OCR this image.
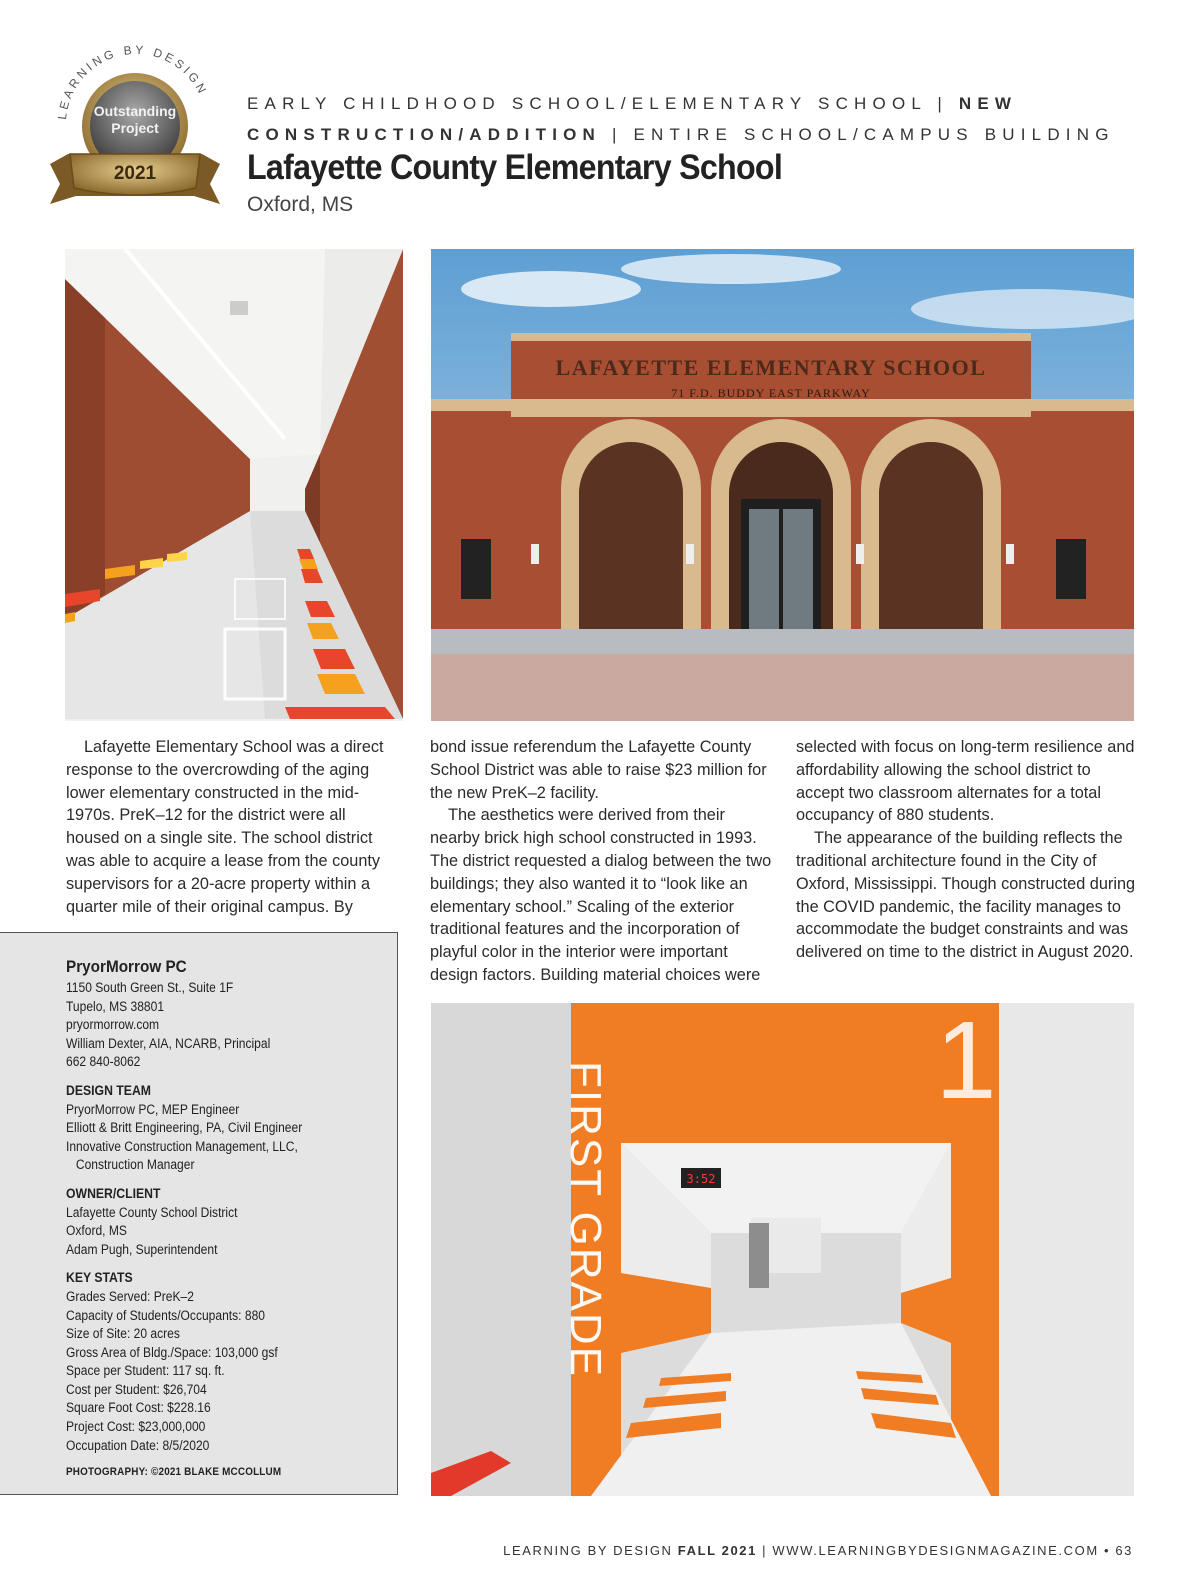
LEARNING BY DESIGN
Outstanding
Project
2021
EARLY CHILDHOOD SCHOOL/ELEMENTARY SCHOOL | NEW CONSTRUCTION/ADDITION | ENTIRE SCHOOL/CAMPUS BUILDING
Lafayette County Elementary School
Oxford, MS
LAFAYETTE ELEMENTARY SCHOOL
71 F.D. BUDDY EAST PARKWAY
3:52
FIRST GRADE
1

Lafayette Elementary School was a direct response to the overcrowding of the aging lower elementary constructed in the mid-1970s. PreK–12 for the district were all housed on a single site. The school district was able to acquire a lease from the county supervisors for a 20-acre property within a quarter mile of their original campus. By

bond issue referendum the Lafayette County School District was able to raise $23 million for the new PreK–2 facility.

The aesthetics were derived from their nearby brick high school constructed in 1993. The district requested a dialog between the two buildings; they also wanted it to “look like an elementary school.” Scaling of the exterior traditional features and the incorporation of playful color in the interior were important design factors. Building material choices were

selected with focus on long-term resilience and affordability allowing the school district to accept two classroom alternates for a total occupancy of 880 students.

The appearance of the building reflects the traditional architecture found in the City of Oxford, Mississippi. Though constructed during the COVID pandemic, the facility manages to accommodate the budget constraints and was delivered on time to the district in August 2020.

PryorMorrow PC
1150 South Green St., Suite 1F
Tupelo, MS 38801
pryormorrow.com
William Dexter, AIA, NCARB, Principal
662 840-8062
DESIGN TEAM
PryorMorrow PC, MEP Engineer
Elliott & Britt Engineering, PA, Civil Engineer
Innovative Construction Management, LLC,
Construction Manager
OWNER/CLIENT
Lafayette County School District
Oxford, MS
Adam Pugh, Superintendent
KEY STATS
Grades Served: PreK–2
Capacity of Students/Occupants: 880
Size of Site: 20 acres
Gross Area of Bldg./Space: 103,000 gsf
Space per Student: 117 sq. ft.
Cost per Student: $26,704
Square Foot Cost: $228.16
Project Cost: $23,000,000
Occupation Date: 8/5/2020
PHOTOGRAPHY: ©2021 BLAKE MCCOLLUM
LEARNING BY DESIGN FALL 2021 | WWW.LEARNINGBYDESIGNMAGAZINE.COM • 63
